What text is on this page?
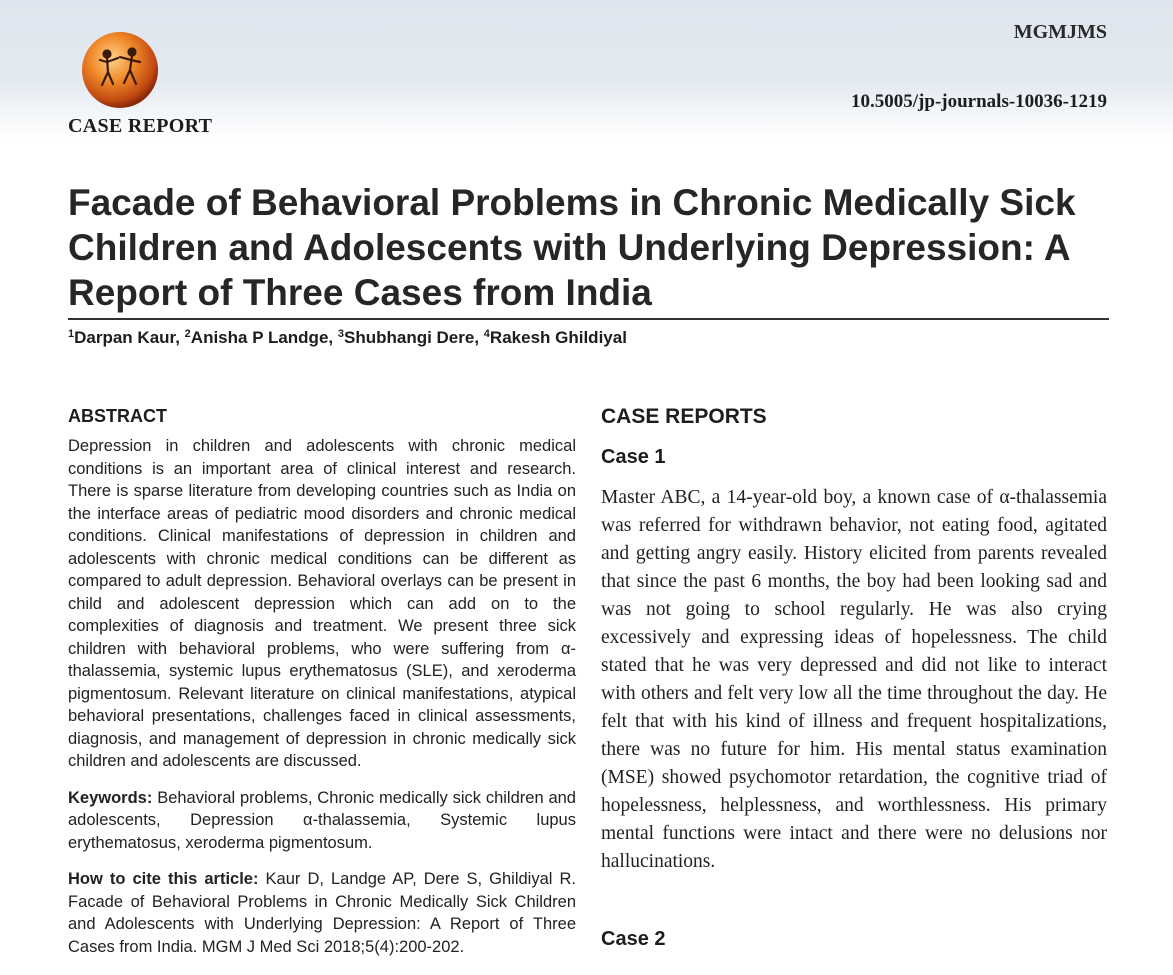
CASE REPORT
MGMJMS
10.5005/jp-journals-10036-1219
Facade of Behavioral Problems in Chronic Medically Sick Children and Adolescents with Underlying Depression: A Report of Three Cases from India
$^1$Darpan Kaur, $^2$Anisha P Landge, $^3$Shubhangi Dere, $^4$Rakesh Ghildiyal
ABSTRACT

Depression in children and adolescents with chronic medical conditions is an important area of clinical interest and research. There is sparse literature from developing countries such as India on the interface areas of pediatric mood disorders and chronic medical conditions. Clinical manifestations of depression in children and adolescents with chronic medical conditions can be different as compared to adult depression. Behavioral overlays can be present in child and adolescent depression which can add on to the complexities of diagnosis and treatment. We present three sick children with behavioral problems, who were suffering from α-thalassemia, systemic lupus erythematosus (SLE), and xeroderma pigmentosum. Relevant literature on clinical manifestations, atypical behavioral presentations, challenges faced in clinical assessments, diagnosis, and management of depression in chronic medically sick children and adolescents are discussed.

Keywords: Behavioral problems, Chronic medically sick children and adolescents, Depression α-thalassemia, Systemic lupus erythematosus, xeroderma pigmentosum.

How to cite this article: Kaur D, Landge AP, Dere S, Ghildiyal R. Facade of Behavioral Problems in Chronic Medically Sick Children and Adolescents with Underlying Depression: A Report of Three Cases from India. MGM J Med Sci 2018;5(4):200-202.

CASE REPORTS
Case 1

Master ABC, a 14-year-old boy, a known case of α-thalassemia was referred for withdrawn behavior, not eating food, agitated and getting angry easily. History elicited from parents revealed that since the past 6 months, the boy had been looking sad and was not going to school regularly. He was also crying excessively and expressing ideas of hopelessness. The child stated that he was very depressed and did not like to interact with others and felt very low all the time throughout the day. He felt that with his kind of illness and frequent hospitalizations, there was no future for him. His mental status examination (MSE) showed psychomotor retardation, the cognitive triad of hopelessness, helplessness, and worthlessness. His primary mental functions were intact and there were no delusions nor hallucinations.

Case 2
